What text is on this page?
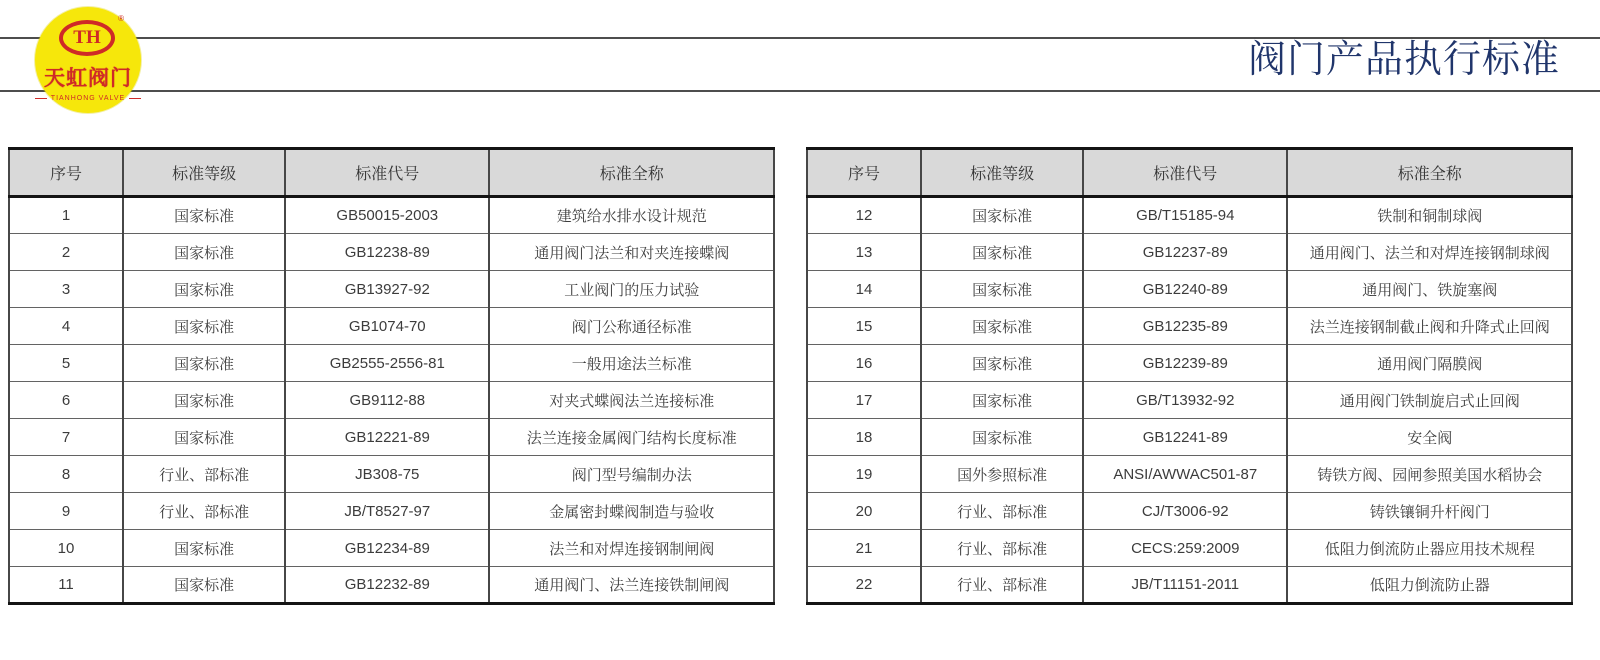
TH
®
天虹阀门
TIANHONG VALVE
阀门产品执行标准
序号	标准等级	标准代号	标准全称
1	国家标准	GB50015-2003	建筑给水排水设计规范
2	国家标准	GB12238-89	通用阀门法兰和对夹连接蝶阀
3	国家标准	GB13927-92	工业阀门的压力试验
4	国家标准	GB1074-70	阀门公称通径标准
5	国家标准	GB2555-2556-81	一般用途法兰标准
6	国家标准	GB9112-88	对夹式蝶阀法兰连接标准
7	国家标准	GB12221-89	法兰连接金属阀门结构长度标准
8	行业、部标准	JB308-75	阀门型号编制办法
9	行业、部标准	JB/T8527-97	金属密封蝶阀制造与验收
10	国家标准	GB12234-89	法兰和对焊连接钢制闸阀
11	国家标准	GB12232-89	通用阀门、法兰连接铁制闸阀
序号	标准等级	标准代号	标准全称
12	国家标准	GB/T15185-94	铁制和铜制球阀
13	国家标准	GB12237-89	通用阀门、法兰和对焊连接钢制球阀
14	国家标准	GB12240-89	通用阀门、铁旋塞阀
15	国家标准	GB12235-89	法兰连接钢制截止阀和升降式止回阀
16	国家标准	GB12239-89	通用阀门隔膜阀
17	国家标准	GB/T13932-92	通用阀门铁制旋启式止回阀
18	国家标准	GB12241-89	安全阀
19	国外参照标准	ANSI/AWWAC501-87	铸铁方阀、园闸参照美国水稻协会
20	行业、部标准	CJ/T3006-92	铸铁镶铜升杆阀门
21	行业、部标准	CECS:259:2009	低阻力倒流防止器应用技术规程
22	行业、部标准	JB/T11151-2011	低阻力倒流防止器
